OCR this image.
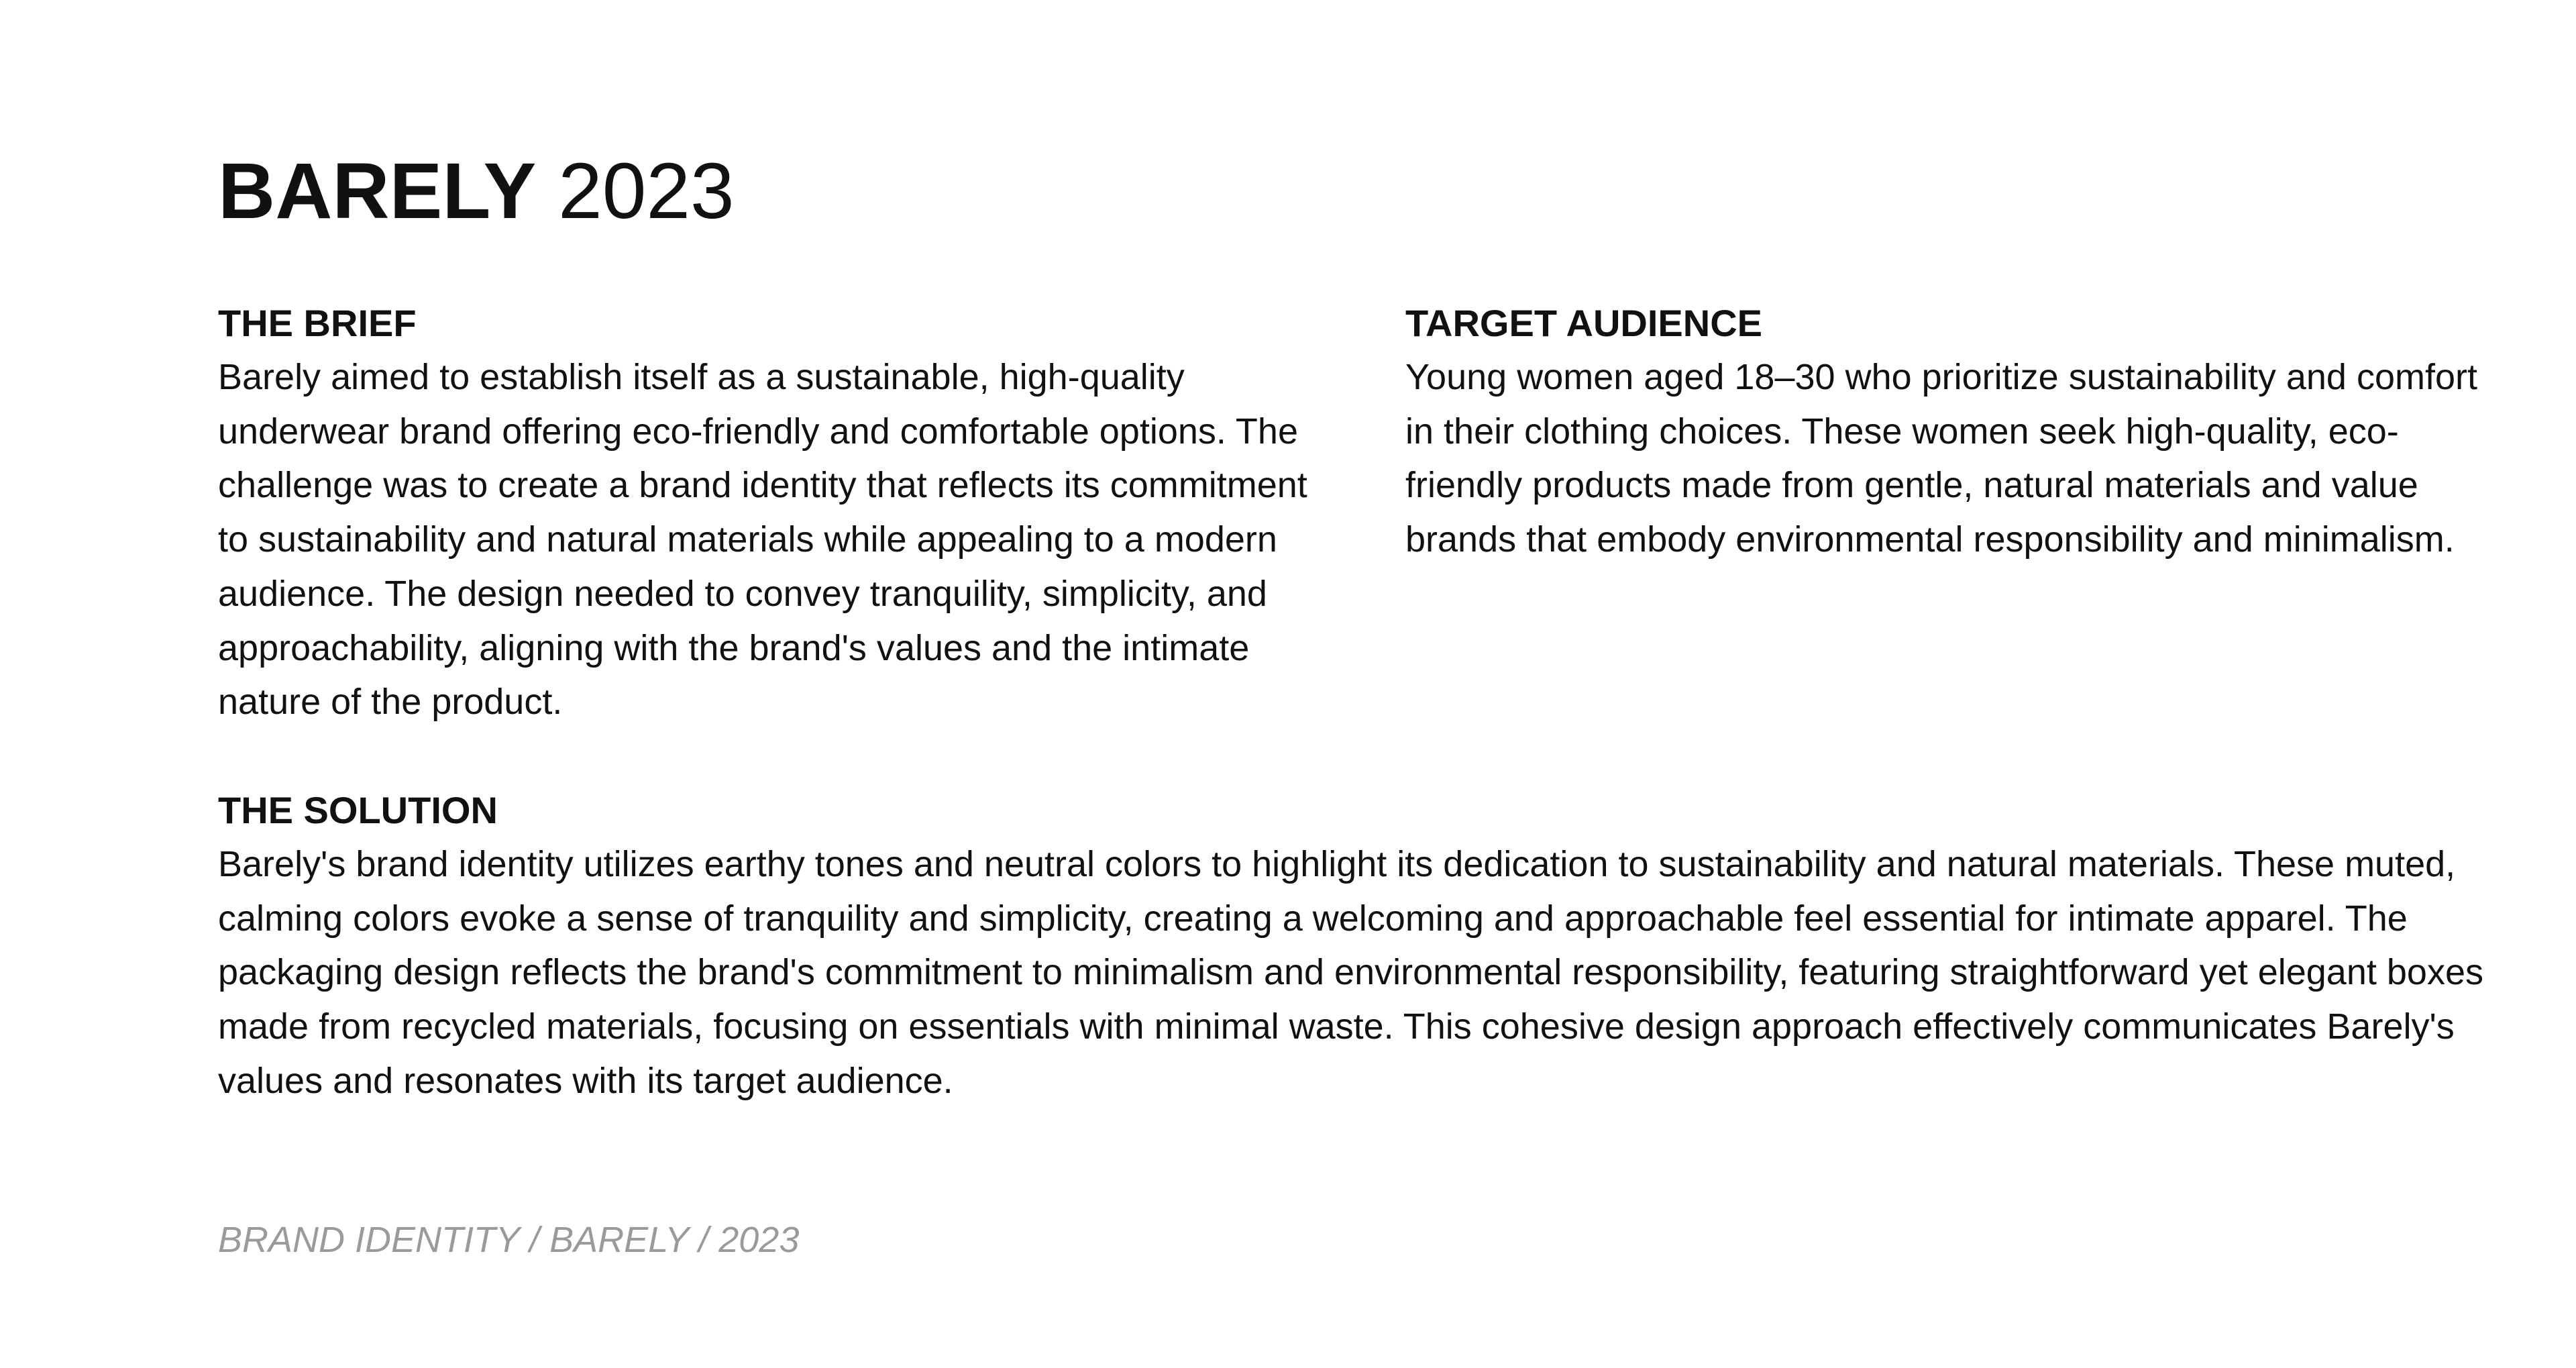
BARELY 2023
THE BRIEF

Barely aimed to establish itself as a sustainable, high-quality underwear brand offering eco-friendly and comfortable options. The challenge was to create a brand identity that reflects its commitment to sustainability and natural materials while appealing to a modern audience. The design needed to convey tranquility, simplicity, and approachability, aligning with the brand's values and the intimate nature of the product.

TARGET AUDIENCE

Young women aged 18–30 who prioritize sustainability and comfort in their clothing choices. These women seek high-quality, eco-friendly products made from gentle, natural materials and value brands that embody environmental responsibility and minimalism.

THE SOLUTION

Barely's brand identity utilizes earthy tones and neutral colors to highlight its dedication to sustainability and natural materials. These muted, calming colors evoke a sense of tranquility and simplicity, creating a welcoming and approachable feel essential for intimate apparel. The packaging design reflects the brand's commitment to minimalism and environmental responsibility, featuring straightforward yet elegant boxes made from recycled materials, focusing on essentials with minimal waste. This cohesive design approach effectively communicates Barely's values and resonates with its target audience.

BRAND IDENTITY / BARELY / 2023
